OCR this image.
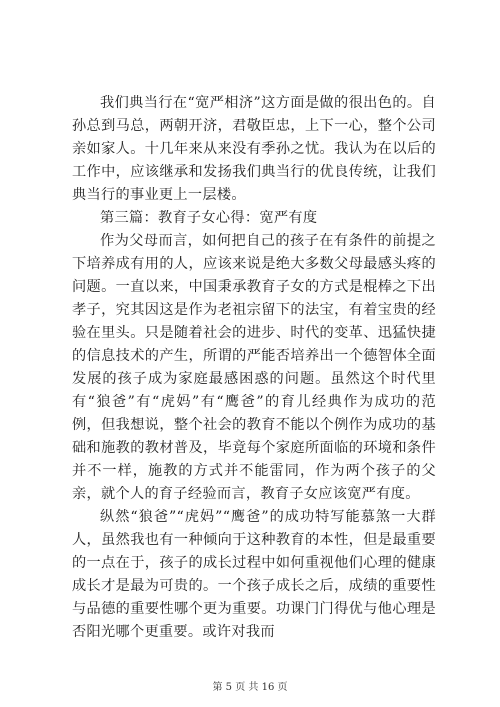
我们典当行在“宽严相济”这方面是做的很出色的。自孙总到马总，两朝开济，君敬臣忠，上下一心，整个公司亲如家人。十几年来从来没有季孙之忧。我认为在以后的工作中，应该继承和发扬我们典当行的优良传统，让我们典当行的事业更上一层楼。

第三篇：教育子女心得：宽严有度

作为父母而言，如何把自己的孩子在有条件的前提之下培养成有用的人，应该来说是绝大多数父母最感头疼的问题。一直以来，中国秉承教育子女的方式是棍棒之下出孝子，究其因这是作为老祖宗留下的法宝，有着宝贵的经验在里头。只是随着社会的进步、时代的变革、迅猛快捷的信息技术的产生，所谓的严能否培养出一个德智体全面发展的孩子成为家庭最感困惑的问题。虽然这个时代里有“狼爸”有“虎妈”有“鹰爸”的育儿经典作为成功的范例，但我想说，整个社会的教育不能以个例作为成功的基础和施教的教材普及，毕竟每个家庭所面临的环境和条件并不一样，施教的方式并不能雷同，作为两个孩子的父亲，就个人的育子经验而言，教育子女应该宽严有度。

纵然“狼爸”“虎妈”“鹰爸”的成功特写能慕煞一大群人，虽然我也有一种倾向于这种教育的本性，但是最重要的一点在于，孩子的成长过程中如何重视他们心理的健康成长才是最为可贵的。一个孩子成长之后，成绩的重要性与品德的重要性哪个更为重要。功课门门得优与他心理是否阳光哪个更重要。或许对我而

第 5 页 共 16 页
